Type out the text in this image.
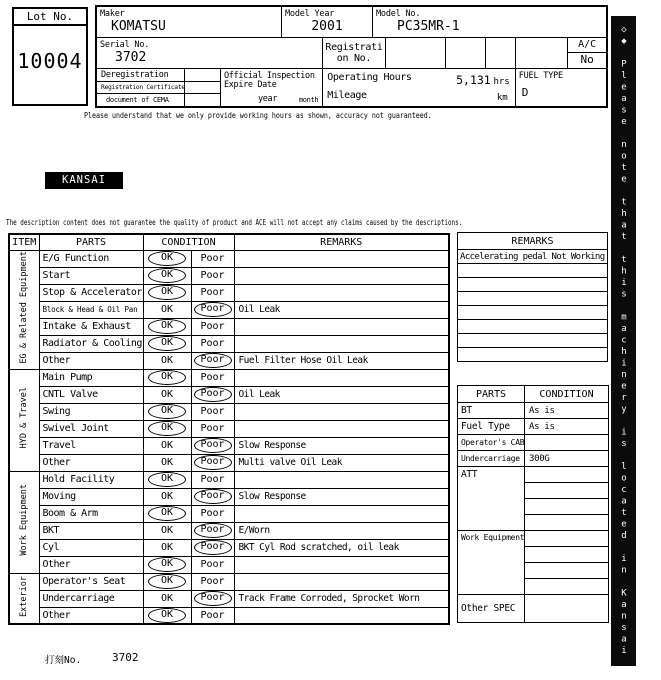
Lot No.
10004
Maker
KOMATSU
Model Year
2001
Model No.
PC35MR-1
Serial No.
3702
Registration No.
A/C
No
Deregistration
Registration Certificate
document of CEMA
Official Inspection
Expire Date
year	month
Operating Hours	5,131 hrs
Mileage	km
FUEL TYPE
D
Please understand that we only provide working hours as shown, accuracy not guaranteed.
KANSAI
The description content does not guarantee the quality of product and ACE will not accept any claims caused by the descriptions.
ITEM	PARTS	CONDITION		REMARKS
EG & Related Equipment	E/G Function	OK	Poor	
	Start	OK	Poor	
	Stop & Accelerator	OK	Poor	
	Block & Head & Oil Pan	OK	Poor	Oil Leak
	Intake & Exhaust	OK	Poor	
	Radiator & Cooling	OK	Poor	
	Other	OK	Poor	Fuel Filter Hose Oil Leak
HYD & Travel	Main Pump	OK	Poor	
	CNTL Valve	OK	Poor	Oil Leak
	Swing	OK	Poor	
	Swivel Joint	OK	Poor	
	Travel	OK	Poor	Slow Response
	Other	OK	Poor	Multi valve Oil Leak
Work Equipment	Hold Facility	OK	Poor	
	Moving	OK	Poor	Slow Response
	Boom & Arm	OK	Poor	
	BKT	OK	Poor	E/Worn
	Cyl	OK	Poor	BKT Cyl Rod scratched, oil leak
	Other	OK	Poor	
Exterior	Operator's Seat	OK	Poor	
	Undercarriage	OK	Poor	Track Frame Corroded, Sprocket Worn
	Other	OK	Poor	
REMARKS
Accelerating pedal Not Working

PARTS	CONDITION
BT	As is
Fuel Type	As is
Operator's CAB	
Undercarriage	300G
ATT	

Work Equipment	

Other SPEC	
打刻No.	3702	◇◆ Please note that this machinery is located in Kansai Yard ◆◇
